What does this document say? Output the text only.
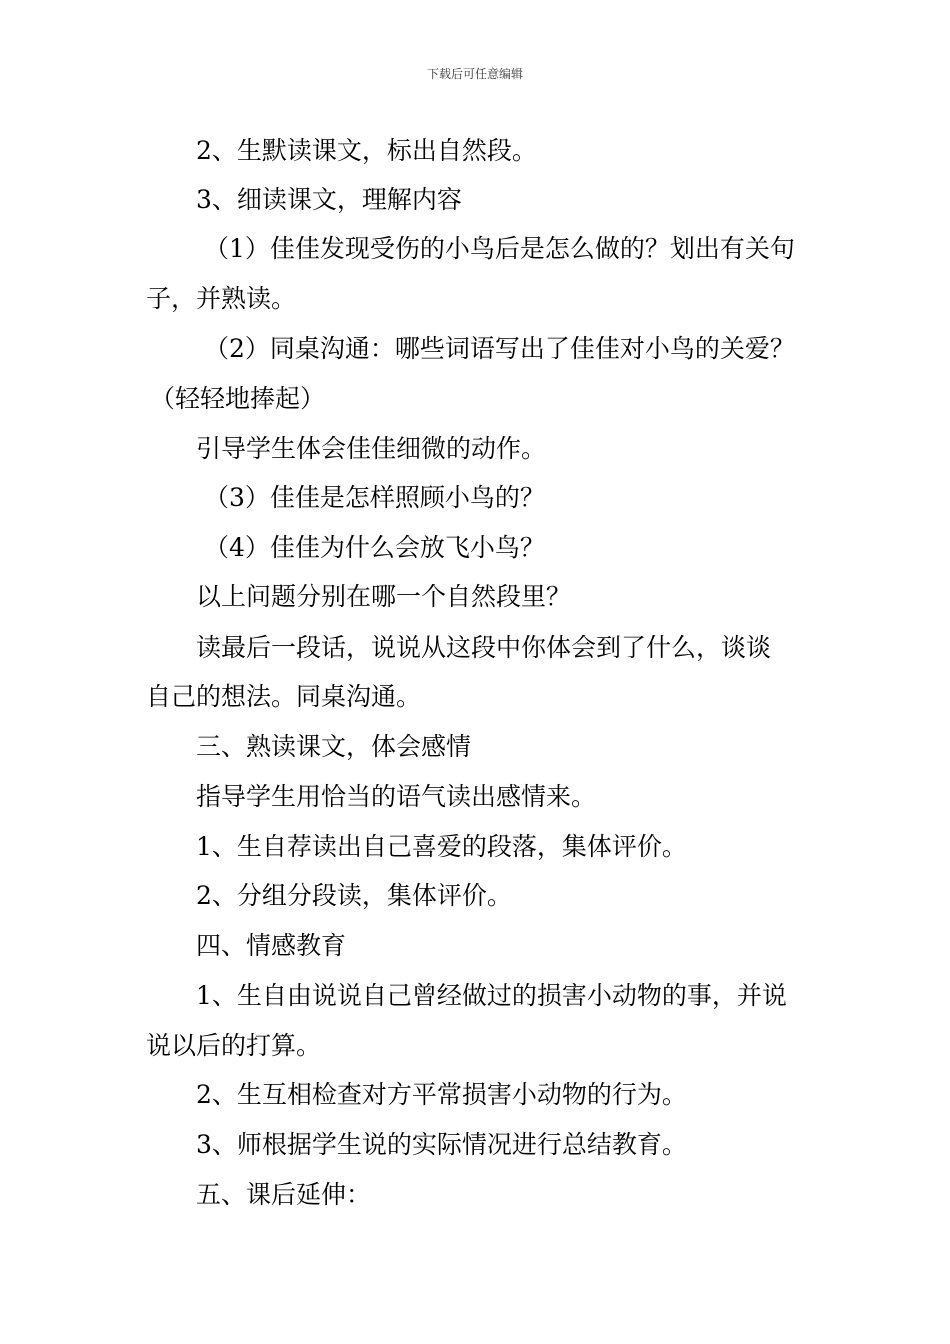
下载后可任意编辑
2、生默读课文，标出自然段。
3、细读课文，理解内容
（1）佳佳发现受伤的小鸟后是怎么做的？划出有关句
子，并熟读。
（2）同桌沟通：哪些词语写出了佳佳对小鸟的关爱？
（轻轻地捧起）
引导学生体会佳佳细微的动作。
（3）佳佳是怎样照顾小鸟的？
（4）佳佳为什么会放飞小鸟？
以上问题分别在哪一个自然段里？
读最后一段话，说说从这段中你体会到了什么，谈谈
自己的想法。同桌沟通。
三、熟读课文，体会感情
指导学生用恰当的语气读出感情来。
1、生自荐读出自己喜爱的段落，集体评价。
2、分组分段读，集体评价。
四、情感教育
1、生自由说说自己曾经做过的损害小动物的事，并说
说以后的打算。
2、生互相检查对方平常损害小动物的行为。
3、师根据学生说的实际情况进行总结教育。
五、课后延伸：
